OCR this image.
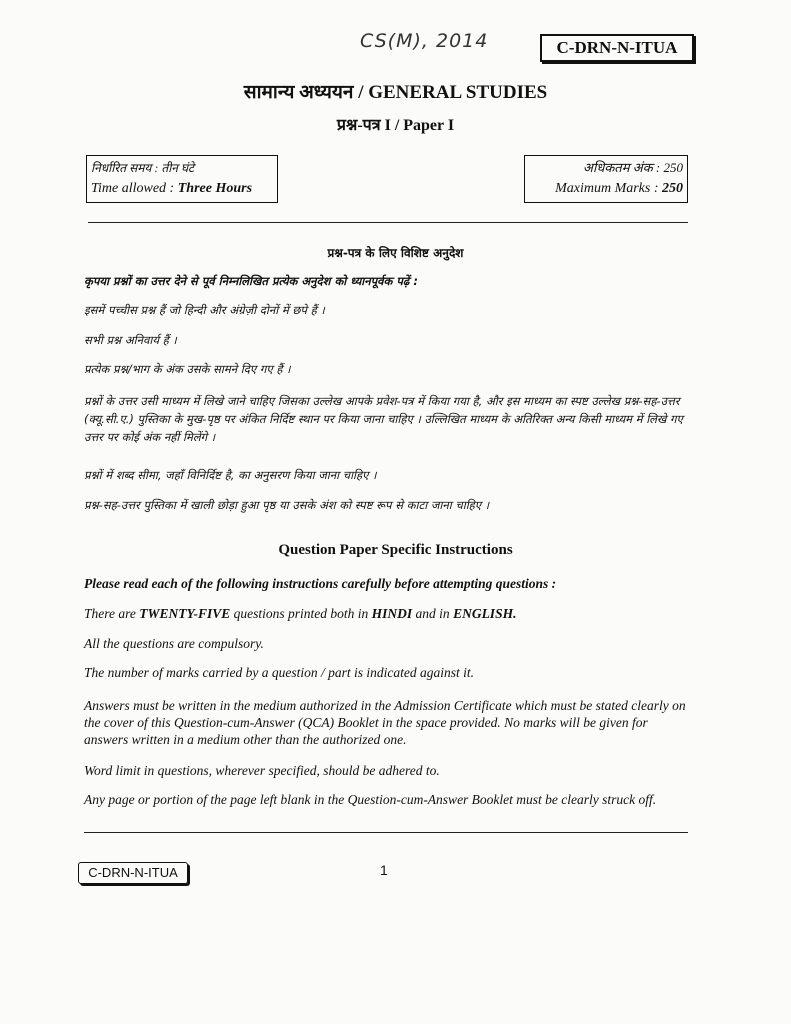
CS(M), 2014	C-DRN-N-ITUA
सामान्य अध्ययन / GENERAL STUDIES
प्रश्न-पत्र I / Paper I
निर्धारित समय : तीन घंटे
Time allowed : Three Hours
अधिकतम अंक : 250
Maximum Marks : 250
प्रश्न-पत्र के लिए विशिष्ट अनुदेश
कृपया प्रश्नों का उत्तर देने से पूर्व निम्नलिखित प्रत्येक अनुदेश को ध्यानपूर्वक पढ़ें :
इसमें पच्चीस प्रश्न हैं जो हिन्दी और अंग्रेज़ी दोनों में छपे हैं ।
सभी प्रश्न अनिवार्य हैं ।
प्रत्येक प्रश्न/भाग के अंक उसके सामने दिए गए हैं ।
प्रश्नों के उत्तर उसी माध्यम में लिखे जाने चाहिए जिसका उल्लेख आपके प्रवेश-पत्र में किया गया है, और इस माध्यम का स्पष्ट उल्लेख प्रश्न-सह-उत्तर (क्यू.सी.ए.) पुस्तिका के मुख-पृष्ठ पर अंकित निर्दिष्ट स्थान पर किया जाना चाहिए । उल्लिखित माध्यम के अतिरिक्त अन्य किसी माध्यम में लिखे गए उत्तर पर कोई अंक नहीं मिलेंगे ।
प्रश्नों में शब्द सीमा, जहाँ विनिर्दिष्ट है, का अनुसरण किया जाना चाहिए ।
प्रश्न-सह-उत्तर पुस्तिका में खाली छोड़ा हुआ पृष्ठ या उसके अंश को स्पष्ट रूप से काटा जाना चाहिए ।
Question Paper Specific Instructions
Please read each of the following instructions carefully before attempting questions :
There are TWENTY-FIVE questions printed both in HINDI and in ENGLISH.
All the questions are compulsory.
The number of marks carried by a question / part is indicated against it.
Answers must be written in the medium authorized in the Admission Certificate which must be stated clearly on the cover of this Question-cum-Answer (QCA) Booklet in the space provided. No marks will be given for answers written in a medium other than the authorized one.
Word limit in questions, wherever specified, should be adhered to.
Any page or portion of the page left blank in the Question-cum-Answer Booklet must be clearly struck off.
C-DRN-N-ITUA	1
